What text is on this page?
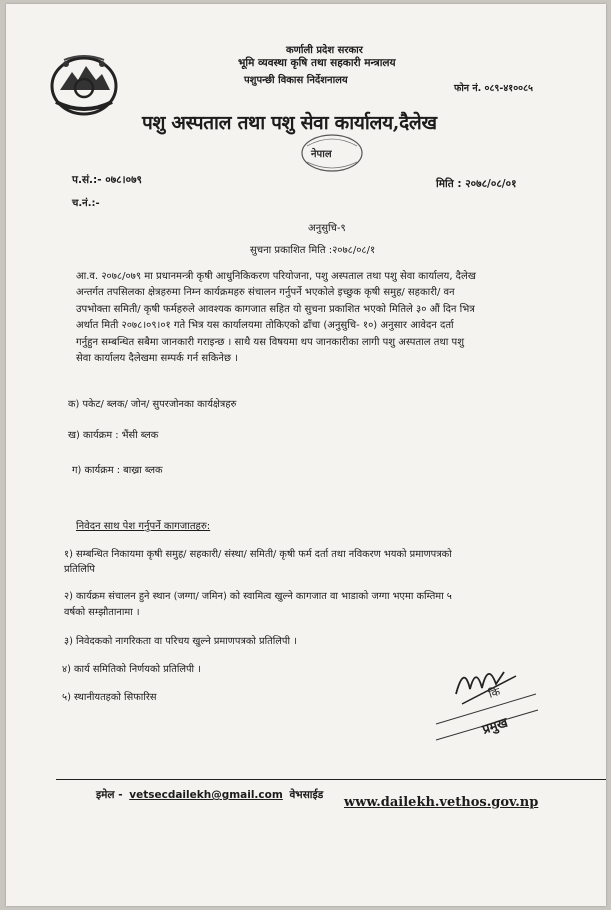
कर्णाली प्रदेश सरकार
भूमि व्यवस्था कृषि तथा सहकारी मन्त्रालय
पशुपन्छी विकास निर्देशनालय
फोन नं. ०८९-४१००८५
पशु अस्पताल तथा पशु सेवा कार्यालय,दैलेख
नेपाल
प.सं.:- ०७८।०७९
च.नं.:-
मिति : २०७८/०८/०१
अनुसुचि-९
सुचना प्रकाशित मिति :२०७८/०८/१
आ.व. २०७८/०७९ मा प्रधानमन्त्री कृषी आधुनिकिकरण परियोजना, पशु अस्पताल तथा पशु सेवा कार्यालय, दैलेख
अन्तर्गत तपसिलका क्षेत्रहरुमा निम्न कार्यक्रमहरु संचालन गर्नुपर्ने भएकोले इच्छुक कृषी समुह/ सहकारी/ वन
उपभोक्ता समिती/ कृषी फर्महरुले आवश्यक कागजात सहित यो सुचना प्रकाशित भएको मितिले ३० औं दिन भित्र
अर्थात मिती २०७८।०९।०१ गते भित्र यस कार्यालयमा तोकिएको ढाँचा (अनुसुचि- १०) अनुसार आवेदन दर्ता
गर्नुहुन सम्बन्धित सबैमा जानकारी गराइन्छ । साथै यस विषयमा थप जानकारीका लागी पशु अस्पताल तथा पशु
सेवा कार्यालय दैलेखमा सम्पर्क गर्न सकिनेछ ।
क) पकेट/ ब्लक/ जोन/ सुपरजोनका कार्यक्षेत्रहरु
ख) कार्यक्रम : भैंसी ब्लक
ग) कार्यक्रम : बाख्रा ब्लक
निवेदन साथ पेश गर्नुपर्ने कागजातहरु:
१) सम्बन्धित निकायमा कृषी समुह/ सहकारी/ संस्था/ समिती/ कृषी फर्म दर्ता तथा नविकरण भयको प्रमाणपत्रको
प्रतिलिपि
२) कार्यक्रम संचालन हुने स्थान (जग्गा/ जमिन) को स्वामित्व खुल्ने कागजात वा भाडाको जग्गा भएमा कम्तिमा ५
वर्षको सम्झौतानामा ।
३) निवेदकको नागरिकता वा परिचय खुल्ने प्रमाणपत्रको प्रतिलिपी ।
४) कार्य समितिको निर्णयको प्रतिलिपी ।
५) स्थानीयतहको सिफारिस	कि
प्रमुख
इमेल - vetsecdailekh@gmail.com वेभसाईड www.dailekh.vethos.gov.np
